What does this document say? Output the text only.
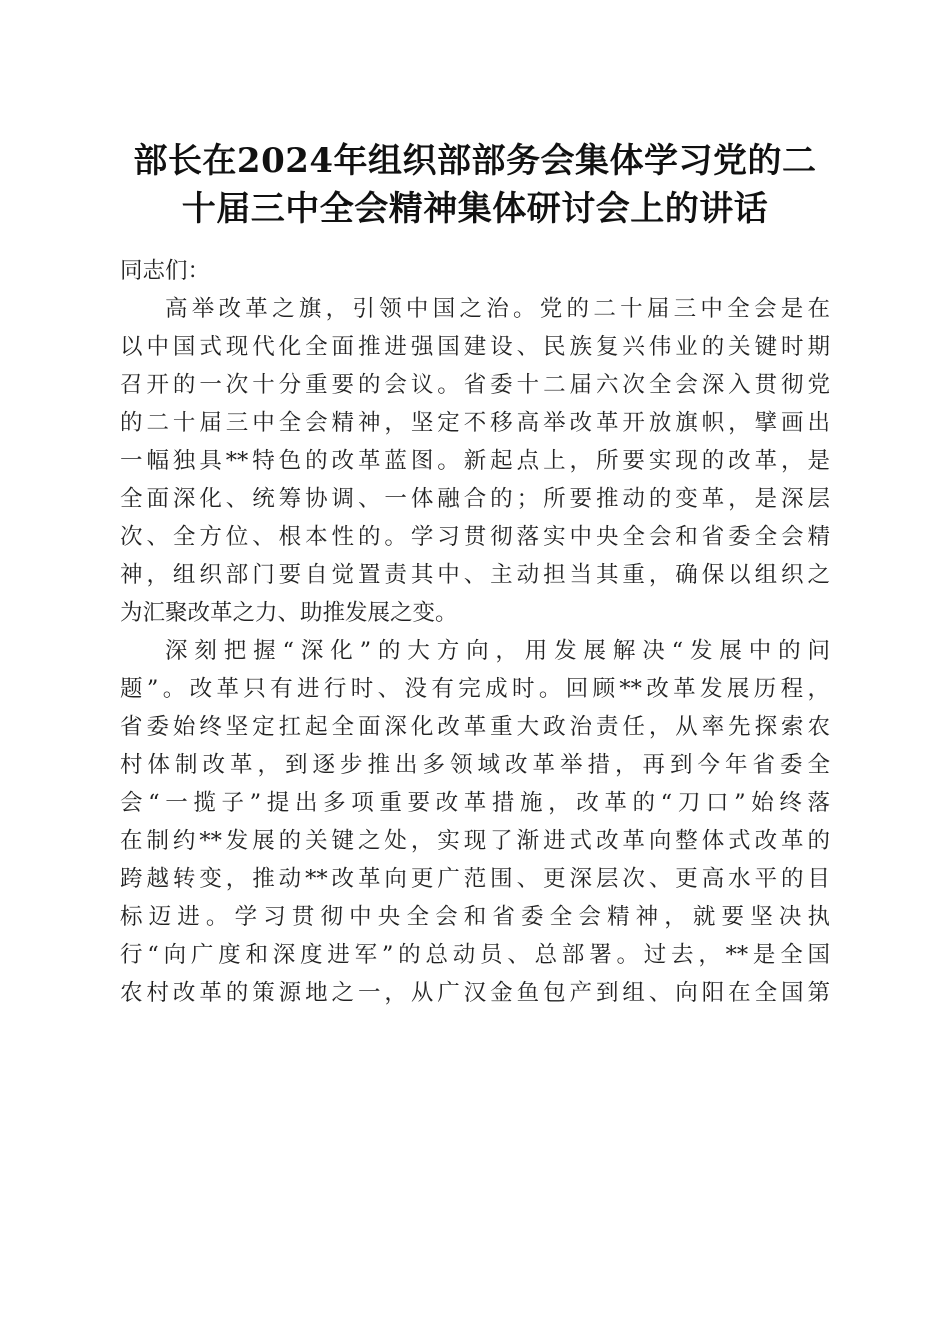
部长在2024年组织部部务会集体学习党的二
十届三中全会精神集体研讨会上的讲话

同志们：

高举改革之旗，引领中国之治。党的二十届三中全会是在
以中国式现代化全面推进强国建设、民族复兴伟业的关键时期
召开的一次十分重要的会议。省委十二届六次全会深入贯彻党
的二十届三中全会精神，坚定不移高举改革开放旗帜，擘画出
一幅独具**特色的改革蓝图。新起点上，所要实现的改革，是
全面深化、统筹协调、一体融合的；所要推动的变革，是深层
次、全方位、根本性的。学习贯彻落实中央全会和省委全会精
神，组织部门要自觉置责其中、主动担当其重，确保以组织之
为汇聚改革之力、助推发展之变。

深刻把握“深化”的大方向，用发展解决“发展中的问
题”。改革只有进行时、没有完成时。回顾**改革发展历程，
省委始终坚定扛起全面深化改革重大政治责任，从率先探索农
村体制改革，到逐步推出多领域改革举措，再到今年省委全
会“一揽子”提出多项重要改革措施，改革的“刀口”始终落
在制约**发展的关键之处，实现了渐进式改革向整体式改革的
跨越转变，推动**改革向更广范围、更深层次、更高水平的目
标迈进。学习贯彻中央全会和省委全会精神，就要坚决执
行“向广度和深度进军”的总动员、总部署。过去，**是全国
农村改革的策源地之一，从广汉金鱼包产到组、向阳在全国第
